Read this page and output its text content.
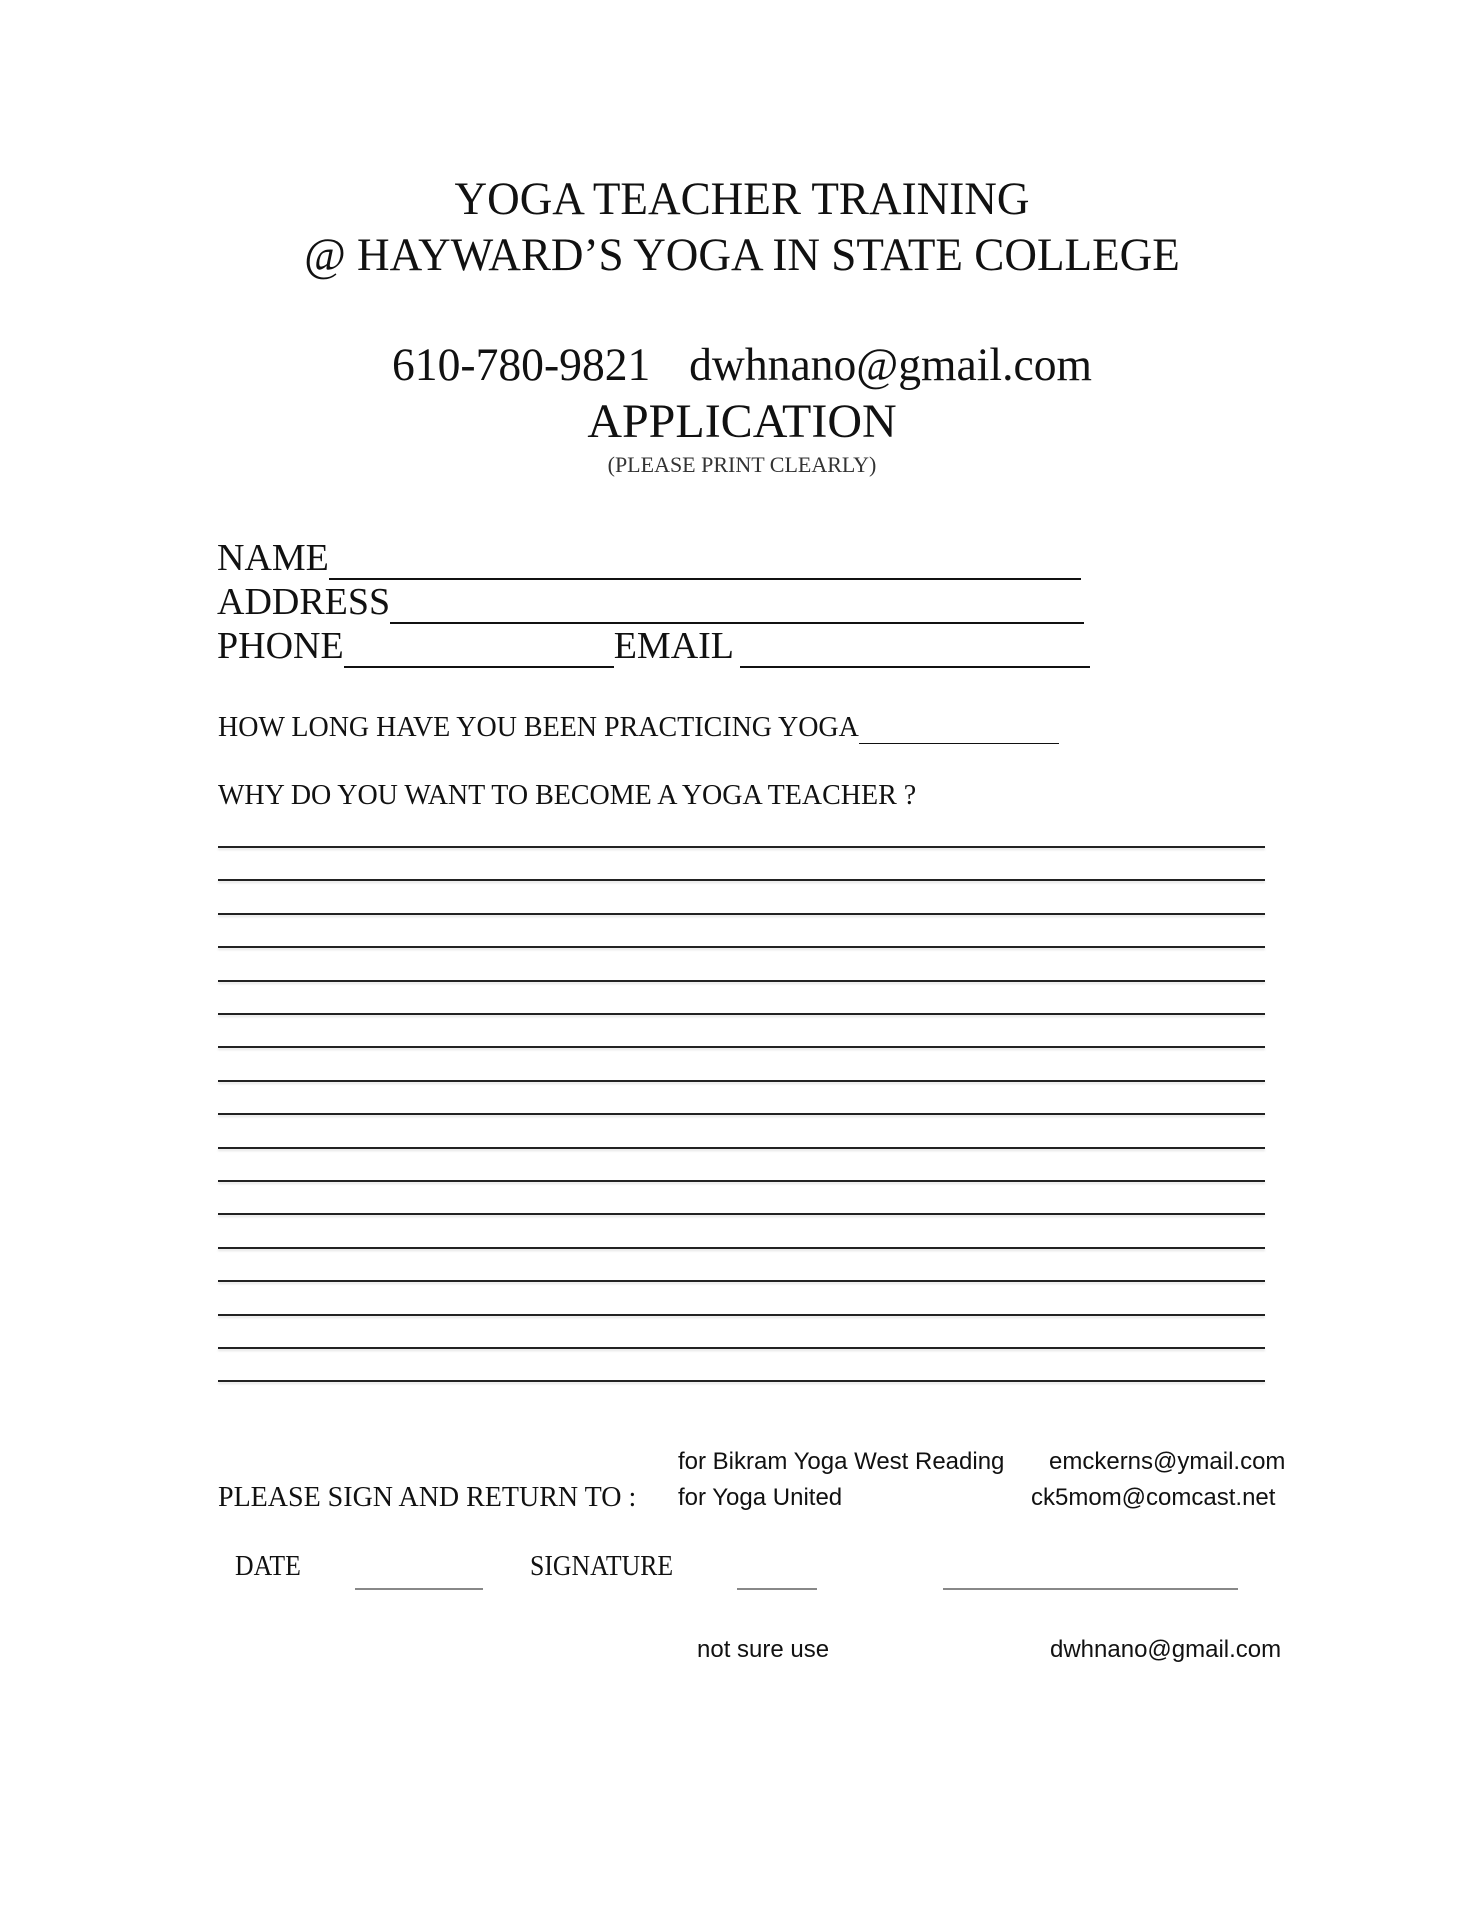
YOGA TEACHER TRAINING
@ HAYWARD’S YOGA IN STATE COLLEGE
610-780-9821 dwhnano@gmail.com
APPLICATION
(PLEASE PRINT CLEARLY)
NAME
ADDRESS
PHONE	EMAIL
HOW LONG HAVE YOU BEEN PRACTICING YOGA
WHY DO YOU WANT TO BECOME A YOGA TEACHER ?
PLEASE SIGN AND RETURN TO :
for Bikram Yoga West Reading emckerns@ymail.com
for Yoga United	ck5mom@comcast.net
DATE	SIGNATURE
not sure use	dwhnano@gmail.com
